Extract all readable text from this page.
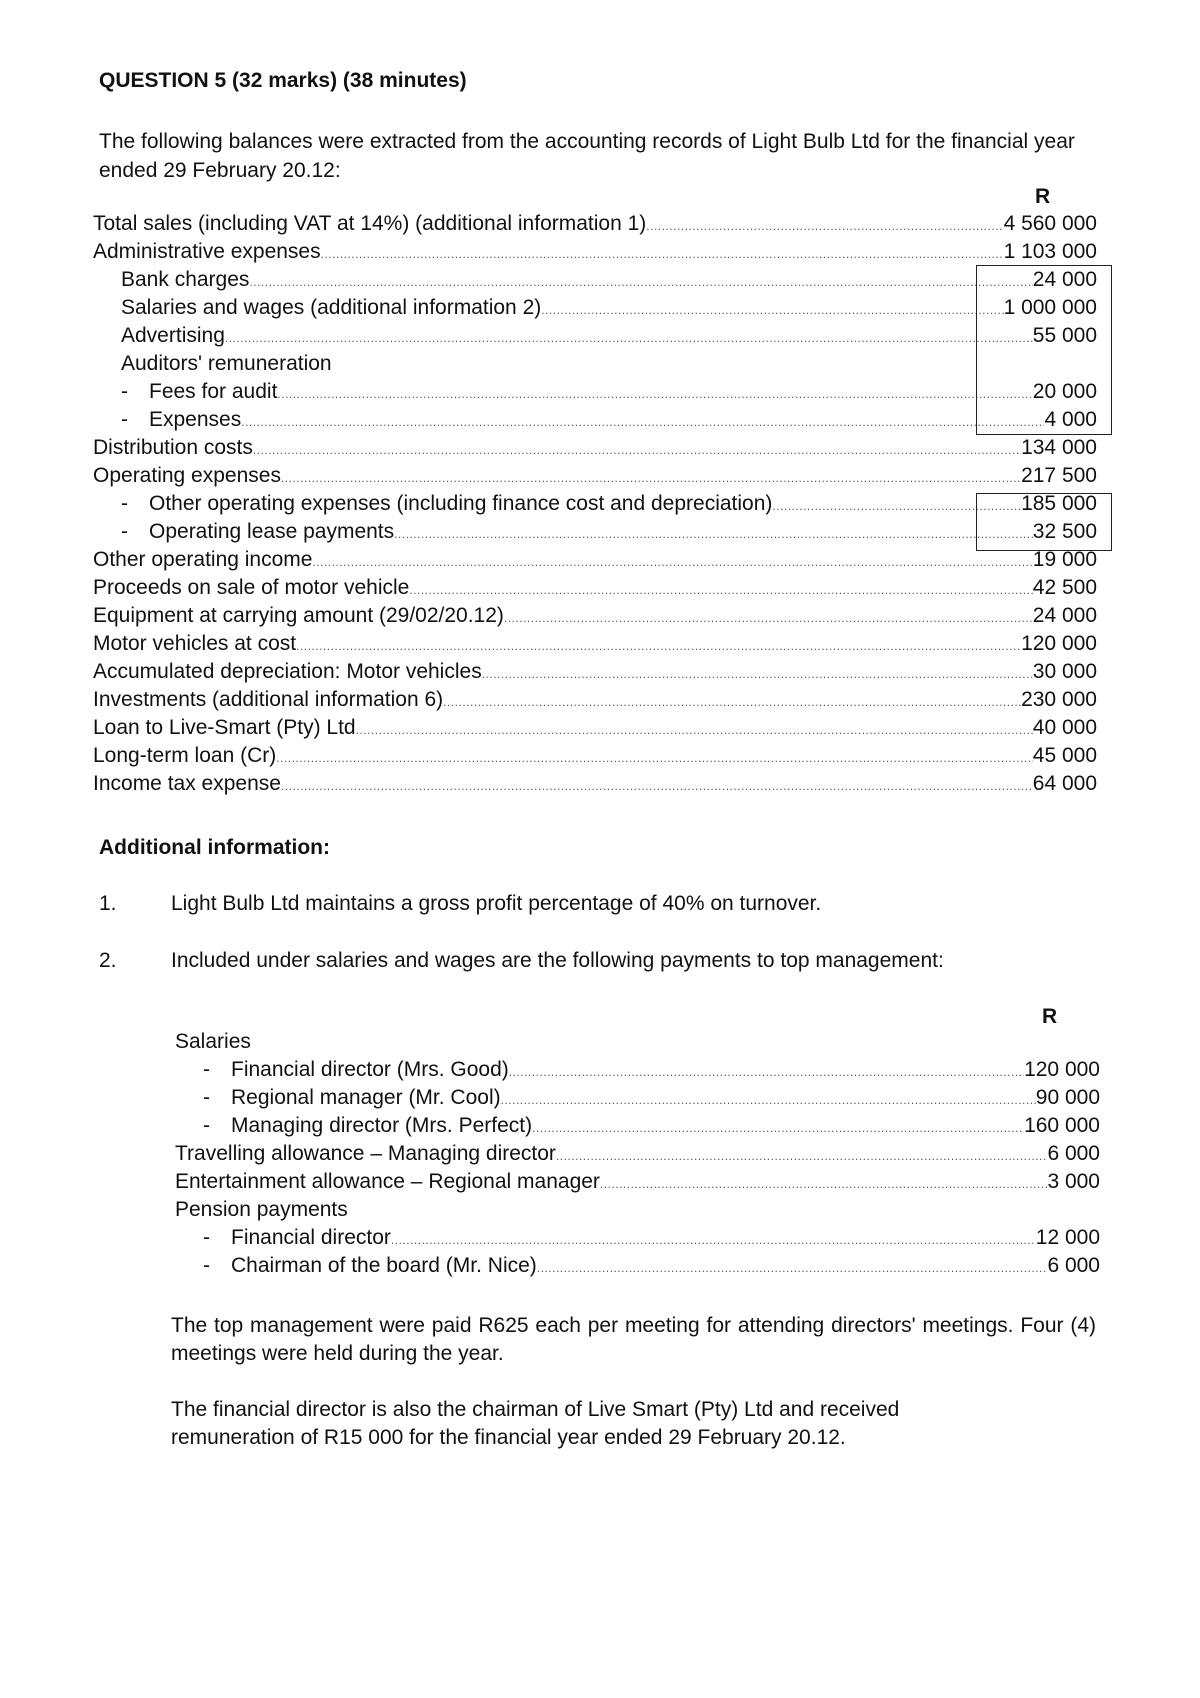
QUESTION 5 (32 marks) (38 minutes)
The following balances were extracted from the accounting records of Light Bulb Ltd for the financial year ended 29 February 20.12:
R
Total sales (including VAT at 14%) (additional information 1) .....	4 560 000
Administrative expenses .....	1 103 000
Bank charges .....	24 000
Salaries and wages (additional information 2) .....	1 000 000
Advertising .....	55 000
Auditors' remuneration
- Fees for audit .....	20 000
- Expenses .....	4 000
Distribution costs .....	134 000
Operating expenses .....	217 500
- Other operating expenses (including finance cost and depreciation) .....	185 000
- Operating lease payments .....	32 500
Other operating income .....	19 000
Proceeds on sale of motor vehicle .....	42 500
Equipment at carrying amount (29/02/20.12) .....	24 000
Motor vehicles at cost .....	120 000
Accumulated depreciation: Motor vehicles .....	30 000
Investments (additional information 6) .....	230 000
Loan to Live-Smart (Pty) Ltd .....	40 000
Long-term loan (Cr) .....	45 000
Income tax expense .....	64 000
Additional information:
1.	Light Bulb Ltd maintains a gross profit percentage of 40% on turnover.
2.	Included under salaries and wages are the following payments to top management:
R
Salaries
- Financial director (Mrs. Good) .....	120 000
- Regional manager (Mr. Cool) .....	90 000
- Managing director (Mrs. Perfect) .....	160 000
Travelling allowance – Managing director .....	6 000
Entertainment allowance – Regional manager .....	3 000
Pension payments
- Financial director .....	12 000
- Chairman of the board (Mr. Nice) .....	6 000
The top management were paid R625 each per meeting for attending directors' meetings. Four (4) meetings were held during the year.
The financial director is also the chairman of Live Smart (Pty) Ltd and received remuneration of R15 000 for the financial year ended 29 February 20.12.
